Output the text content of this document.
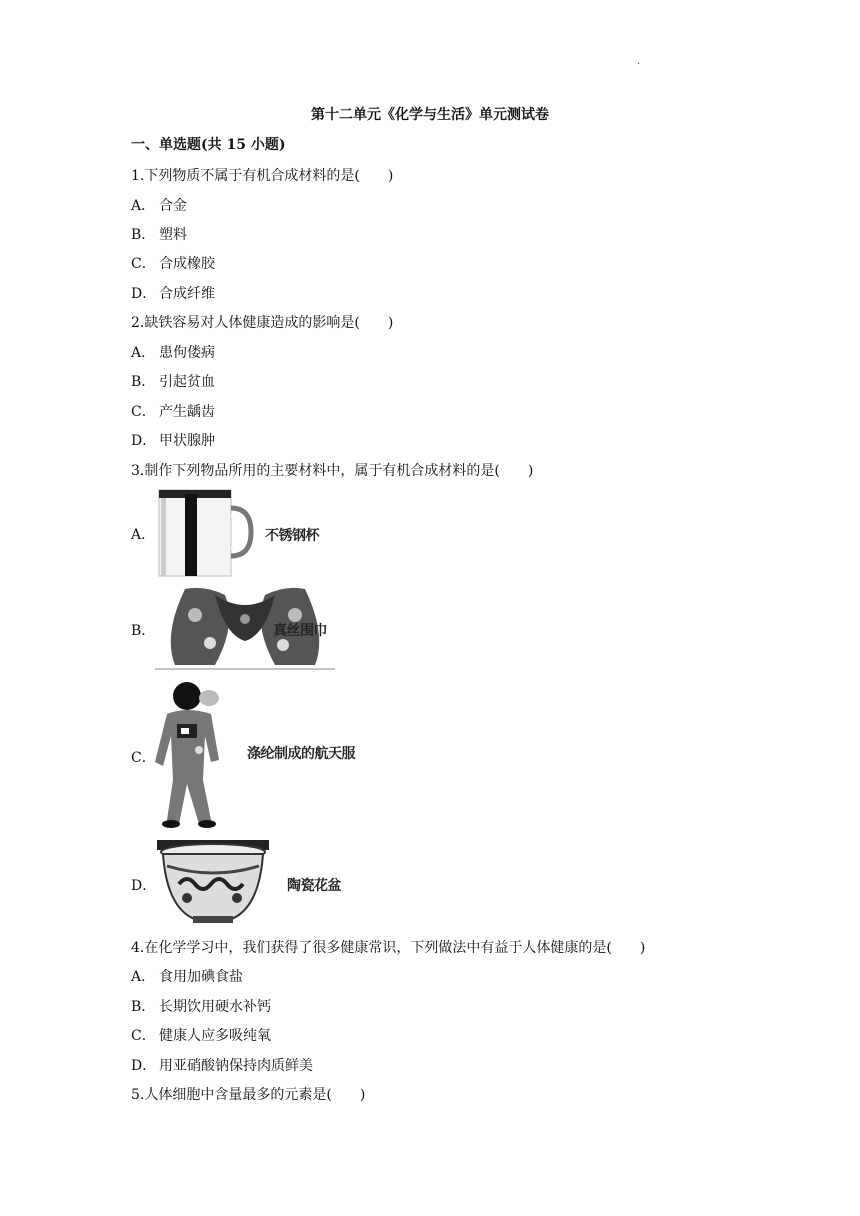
.
第十二单元《化学与生活》单元测试卷
一、单选题(共 15 小题)
1.下列物质不属于有机合成材料的是(　　)
A． 合金
B． 塑料
C． 合成橡胶
D． 合成纤维
2.缺铁容易对人体健康造成的影响是(　　)
A． 患佝偻病
B． 引起贫血
C． 产生龋齿
D． 甲状腺肿
3.制作下列物品所用的主要材料中，属于有机合成材料的是(　　)
A．	不锈钢杯
B．	真丝围巾
C．	涤纶制成的航天服
D．	陶瓷花盆
4.在化学学习中，我们获得了很多健康常识，下列做法中有益于人体健康的是(　　)
A． 食用加碘食盐
B． 长期饮用硬水补钙
C． 健康人应多吸纯氧
D． 用亚硝酸钠保持肉质鲜美
5.人体细胞中含量最多的元素是(　　)
